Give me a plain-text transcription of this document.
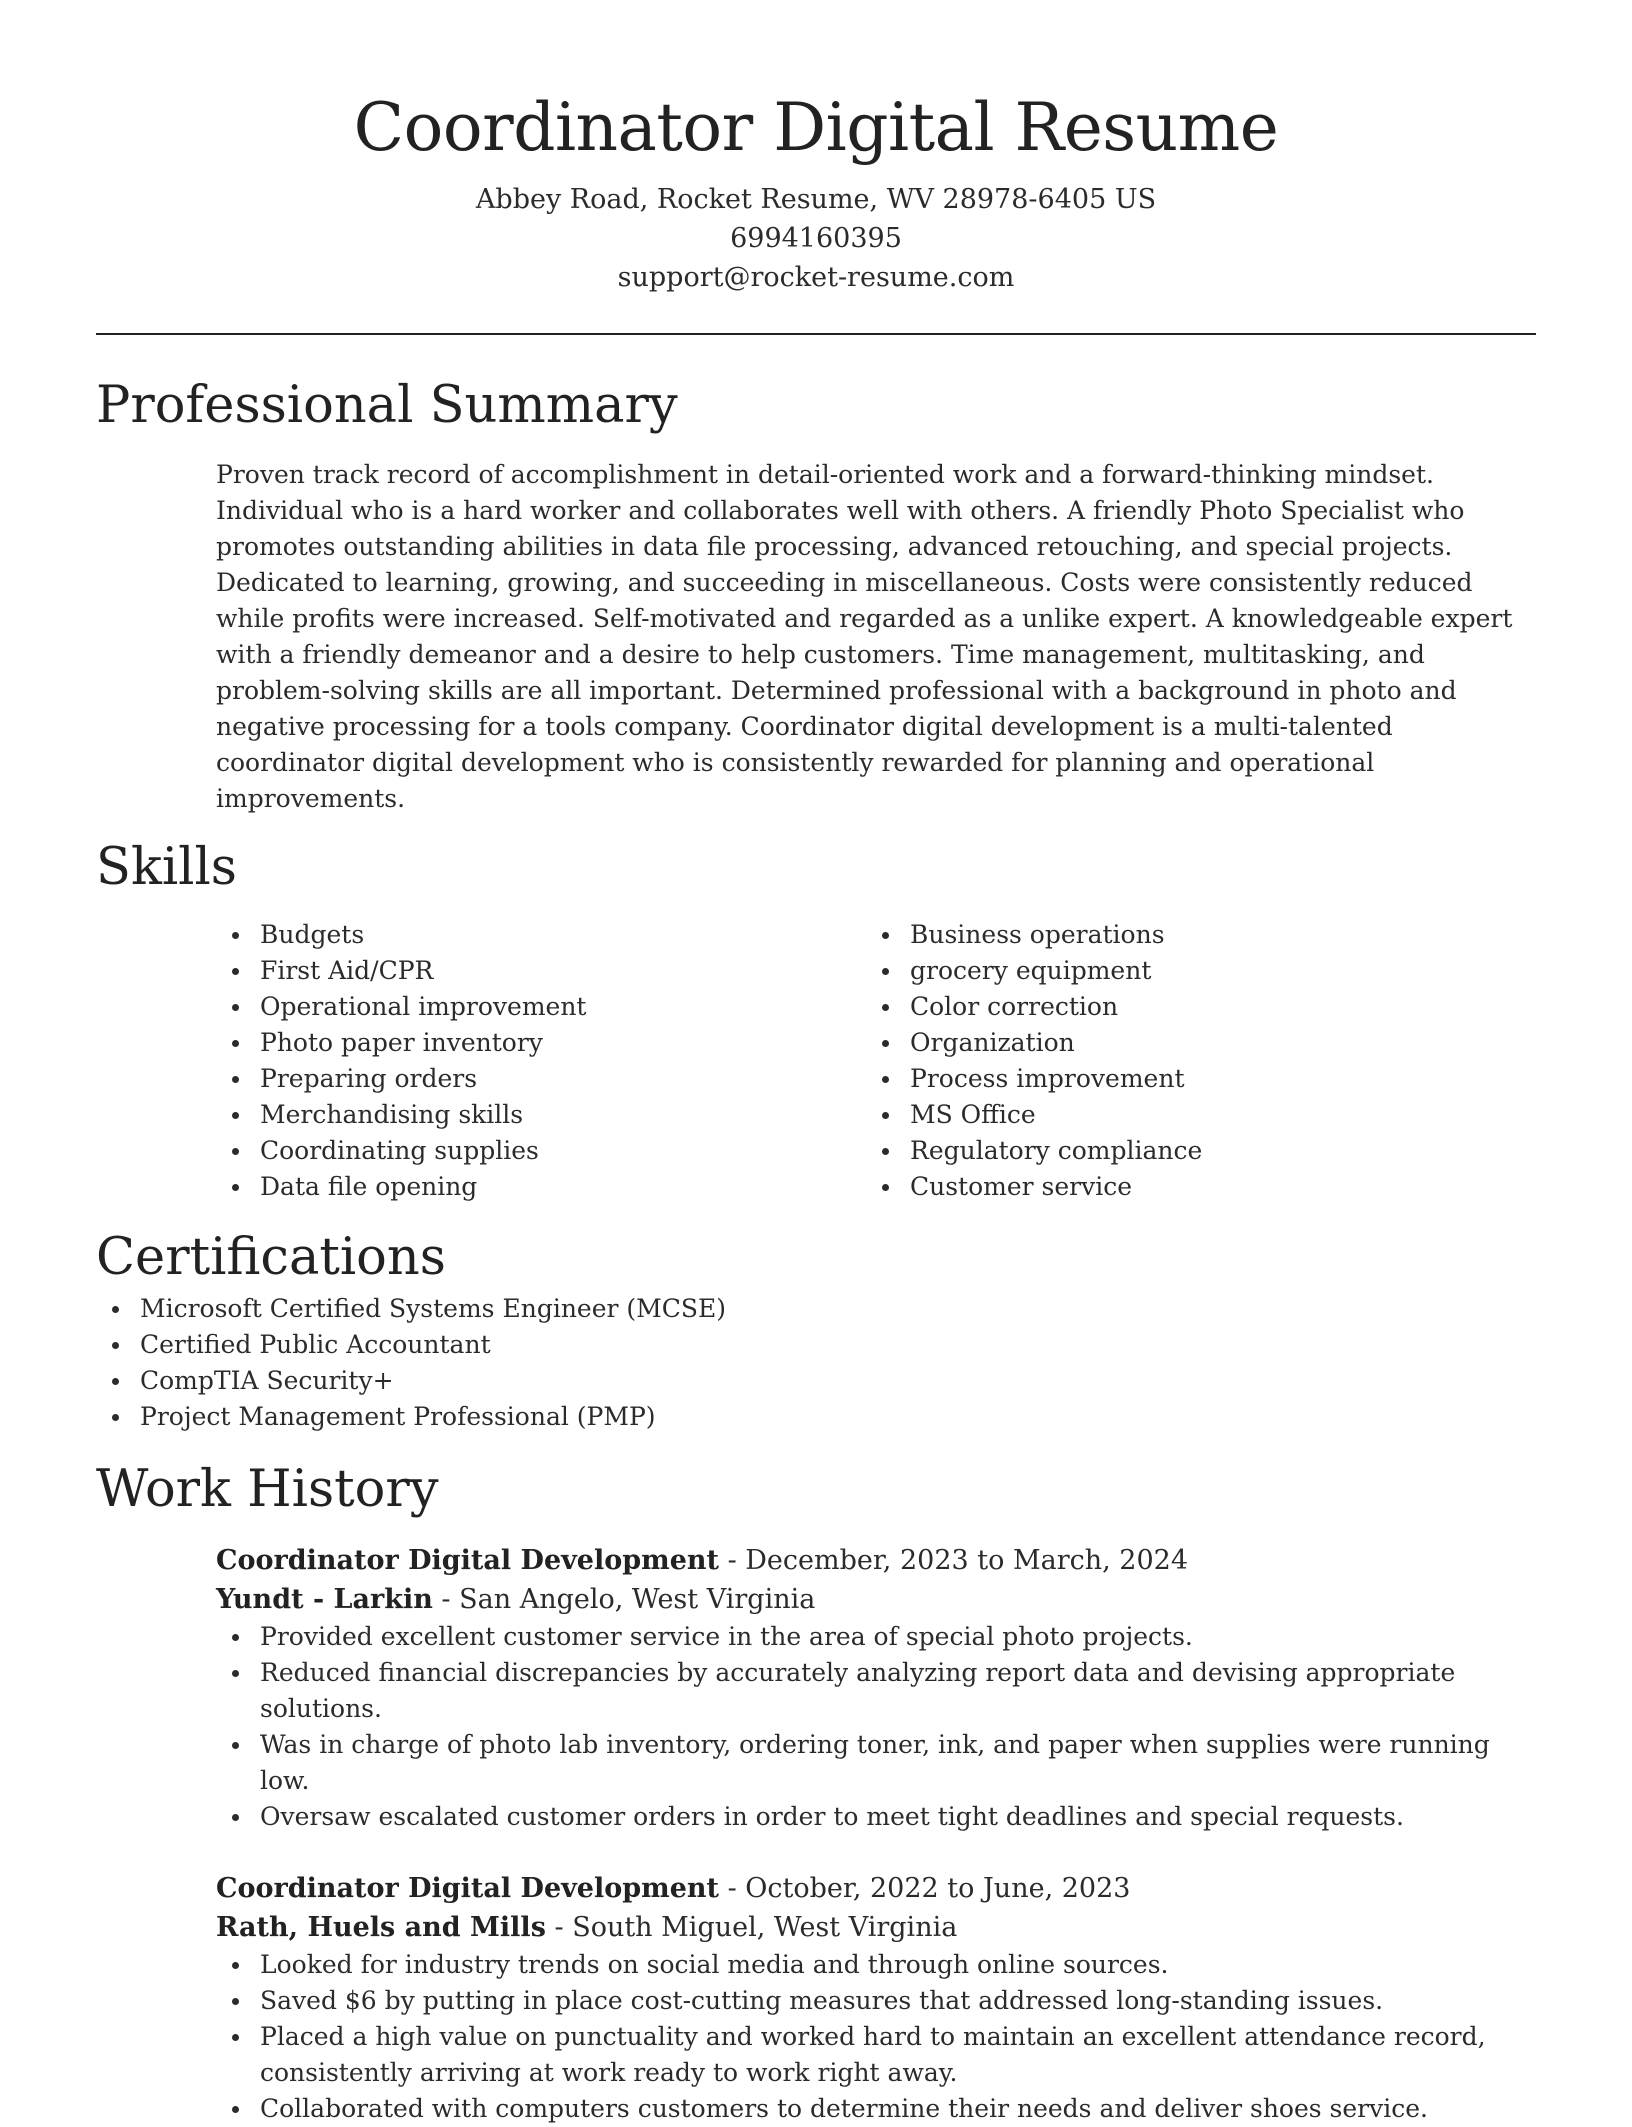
Coordinator Digital Resume
Abbey Road, Rocket Resume, WV 28978-6405 US
6994160395
support@rocket-resume.com
Professional Summary
Proven track record of accomplishment in detail-oriented work and a forward-thinking mindset. Individual who is a hard worker and collaborates well with others. A friendly Photo Specialist who promotes outstanding abilities in data file processing, advanced retouching, and special projects. Dedicated to learning, growing, and succeeding in miscellaneous. Costs were consistently reduced while profits were increased. Self-motivated and regarded as a unlike expert. A knowledgeable expert with a friendly demeanor and a desire to help customers. Time management, multitasking, and problem-solving skills are all important. Determined professional with a background in photo and negative processing for a tools company. Coordinator digital development is a multi-talented coordinator digital development who is consistently rewarded for planning and operational improvements.
Skills
Budgets
First Aid/CPR
Operational improvement
Photo paper inventory
Preparing orders
Merchandising skills
Coordinating supplies
Data file opening
Business operations
grocery equipment
Color correction
Organization
Process improvement
MS Office
Regulatory compliance
Customer service
Certifications
Microsoft Certified Systems Engineer (MCSE)
Certified Public Accountant
CompTIA Security+
Project Management Professional (PMP)
Work History
Coordinator Digital Development - December, 2023 to March, 2024
Yundt - Larkin - San Angelo, West Virginia
Provided excellent customer service in the area of special photo projects.
Reduced financial discrepancies by accurately analyzing report data and devising appropriate solutions.
Was in charge of photo lab inventory, ordering toner, ink, and paper when supplies were running low.
Oversaw escalated customer orders in order to meet tight deadlines and special requests.
Coordinator Digital Development - October, 2022 to June, 2023
Rath, Huels and Mills - South Miguel, West Virginia
Looked for industry trends on social media and through online sources.
Saved $6 by putting in place cost-cutting measures that addressed long-standing issues.
Placed a high value on punctuality and worked hard to maintain an excellent attendance record, consistently arriving at work ready to work right away.
Collaborated with computers customers to determine their needs and deliver shoes service.
